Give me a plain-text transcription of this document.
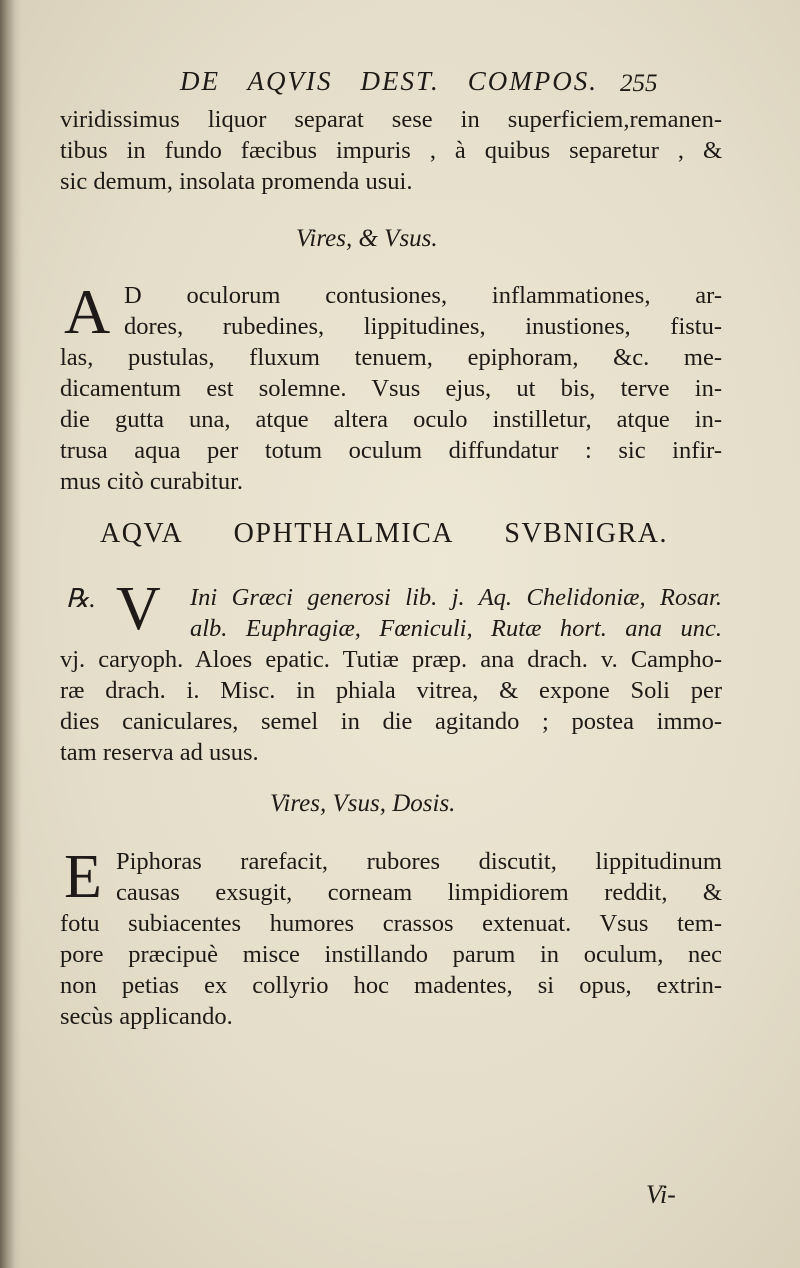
DE AQVIS DEST. COMPOS. 255
viridissimus liquor separat sese in superficiem,remanen-
tibus in fundo fæcibus impuris , à quibus separetur , &
sic demum, insolata promenda usui.
Vires, & Vsus.
A D oculorum contusiones, inflammationes, ar-
dores, rubedines, lippitudines, inustiones, fistu-
las, pustulas, fluxum tenuem, epiphoram, &c. me-
dicamentum est solemne. Vsus ejus, ut bis, terve in-
die gutta una, atque altera oculo instilletur, atque in-
trusa aqua per totum oculum diffundatur : sic infir-
mus citò curabitur.
AQVA OPHTHALMICA SVBNIGRA.
℞. V Ini Græci generosi lib. j. Aq. Chelidoniæ, Rosar.
alb. Euphragiæ, Fœniculi, Rutæ hort. ana unc.
vj. caryoph. Aloes epatic. Tutiæ præp. ana drach. v. Campho-
ræ drach. i. Misc. in phiala vitrea, & expone Soli per
dies caniculares, semel in die agitando ; postea immo-
tam reserva ad usus.
Vires, Vsus, Dosis.
E Piphoras rarefacit, rubores discutit, lippitudinum
causas exsugit, corneam limpidiorem reddit, &
fotu subiacentes humores crassos extenuat. Vsus tem-
pore præcipuè misce instillando parum in oculum, nec
non petias ex collyrio hoc madentes, si opus, extrin-
secùs applicando.
Vi-
